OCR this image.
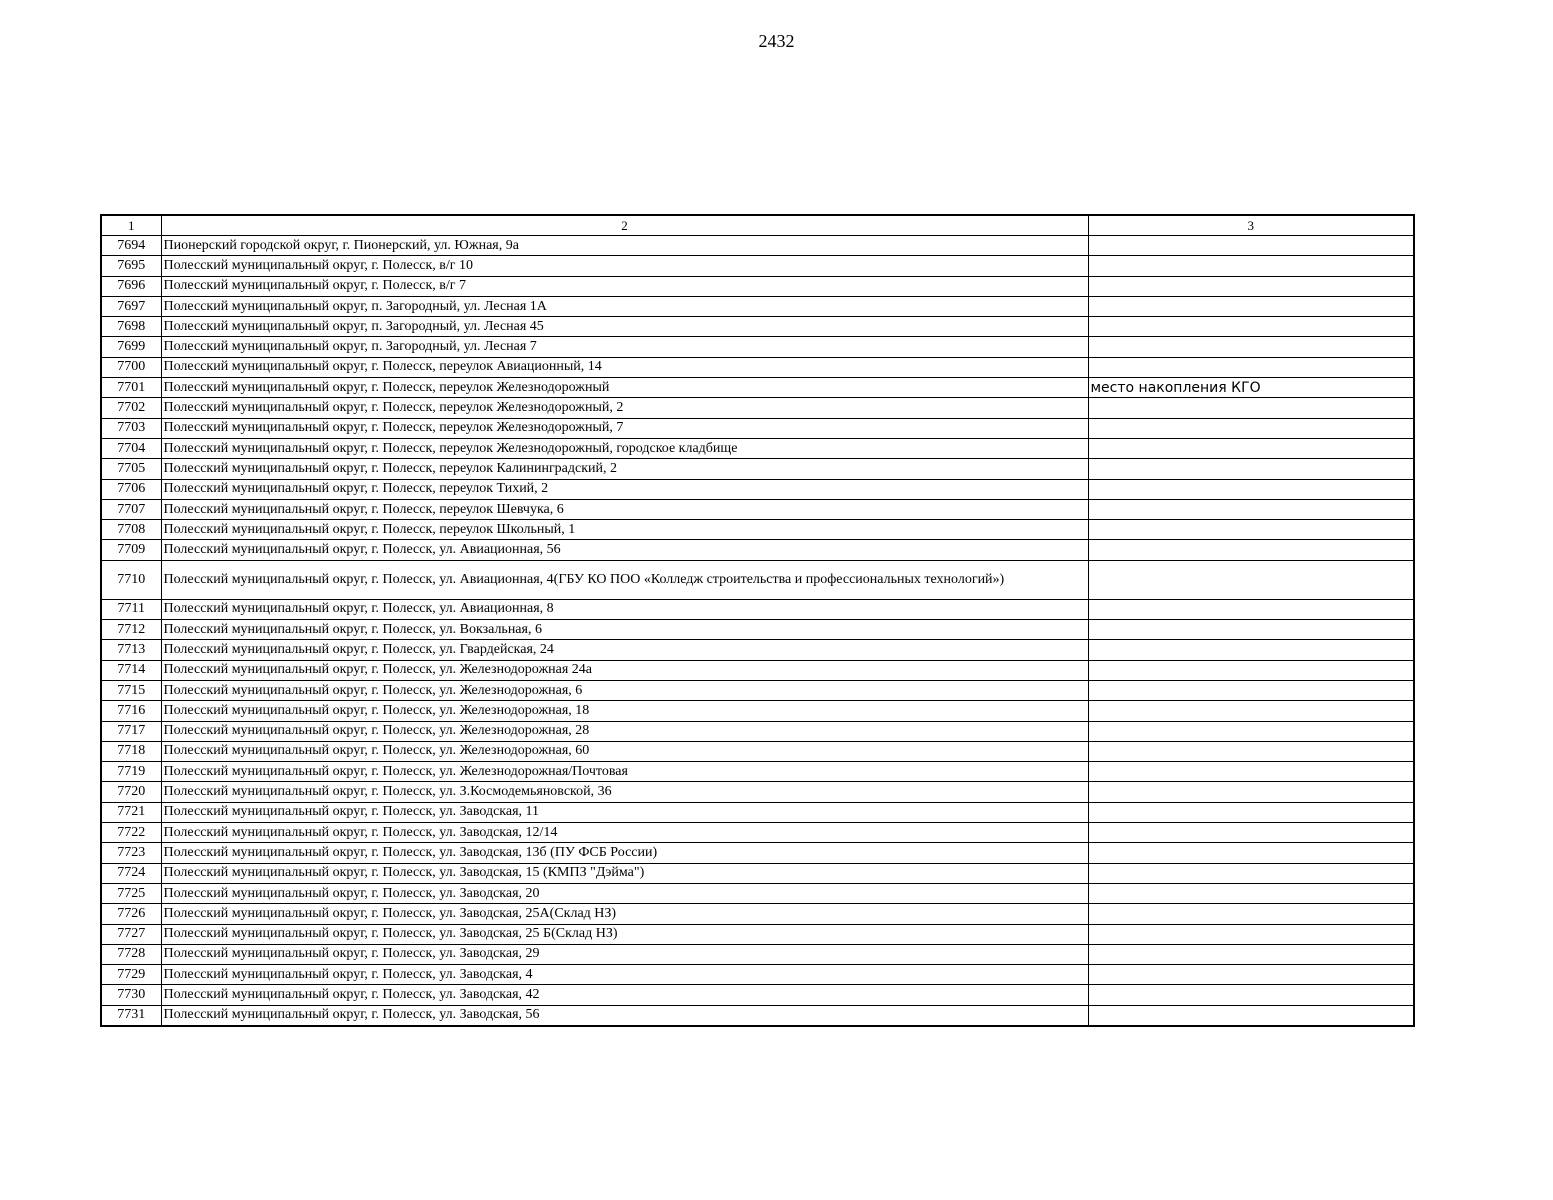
2432
1	2	3
7694	Пионерский городской округ, г. Пионерский, ул. Южная, 9а	
7695	Полесский муниципальный округ, г. Полесск, в/г 10	
7696	Полесский муниципальный округ, г. Полесск, в/г 7	
7697	Полесский муниципальный округ, п. Загородный, ул. Лесная 1А	
7698	Полесский муниципальный округ, п. Загородный, ул. Лесная 45	
7699	Полесский муниципальный округ, п. Загородный, ул. Лесная 7	
7700	Полесский муниципальный округ, г. Полесск, переулок Авиационный, 14	
7701	Полесский муниципальный округ, г. Полесск, переулок Железнодорожный	место накопления КГО
7702	Полесский муниципальный округ, г. Полесск, переулок Железнодорожный, 2	
7703	Полесский муниципальный округ, г. Полесск, переулок Железнодорожный, 7	
7704	Полесский муниципальный округ, г. Полесск, переулок Железнодорожный, городское кладбище	
7705	Полесский муниципальный округ, г. Полесск, переулок Калининградский, 2	
7706	Полесский муниципальный округ, г. Полесск, переулок Тихий, 2	
7707	Полесский муниципальный округ, г. Полесск, переулок Шевчука, 6	
7708	Полесский муниципальный округ, г. Полесск, переулок Школьный, 1	
7709	Полесский муниципальный округ, г. Полесск, ул. Авиационная, 56	
7710	Полесский муниципальный округ, г. Полесск, ул. Авиационная, 4(ГБУ КО ПОО «Колледж строительства и профессиональных технологий»)	
7711	Полесский муниципальный округ, г. Полесск, ул. Авиационная, 8	
7712	Полесский муниципальный округ, г. Полесск, ул. Вокзальная, 6	
7713	Полесский муниципальный округ, г. Полесск, ул. Гвардейская, 24	
7714	Полесский муниципальный округ, г. Полесск, ул. Железнодорожная 24а	
7715	Полесский муниципальный округ, г. Полесск, ул. Железнодорожная, 6	
7716	Полесский муниципальный округ, г. Полесск, ул. Железнодорожная, 18	
7717	Полесский муниципальный округ, г. Полесск, ул. Железнодорожная, 28	
7718	Полесский муниципальный округ, г. Полесск, ул. Железнодорожная, 60	
7719	Полесский муниципальный округ, г. Полесск, ул. Железнодорожная/Почтовая	
7720	Полесский муниципальный округ, г. Полесск, ул. З.Космодемьяновской, 36	
7721	Полесский муниципальный округ, г. Полесск, ул. Заводская, 11	
7722	Полесский муниципальный округ, г. Полесск, ул. Заводская, 12/14	
7723	Полесский муниципальный округ, г. Полесск, ул. Заводская, 13б (ПУ ФСБ России)	
7724	Полесский муниципальный округ, г. Полесск, ул. Заводская, 15 (КМПЗ "Дэйма")	
7725	Полесский муниципальный округ, г. Полесск, ул. Заводская, 20	
7726	Полесский муниципальный округ, г. Полесск, ул. Заводская, 25А(Склад НЗ)	
7727	Полесский муниципальный округ, г. Полесск, ул. Заводская, 25 Б(Склад НЗ)	
7728	Полесский муниципальный округ, г. Полесск, ул. Заводская, 29	
7729	Полесский муниципальный округ, г. Полесск, ул. Заводская, 4	
7730	Полесский муниципальный округ, г. Полесск, ул. Заводская, 42	
7731	Полесский муниципальный округ, г. Полесск, ул. Заводская, 56	
